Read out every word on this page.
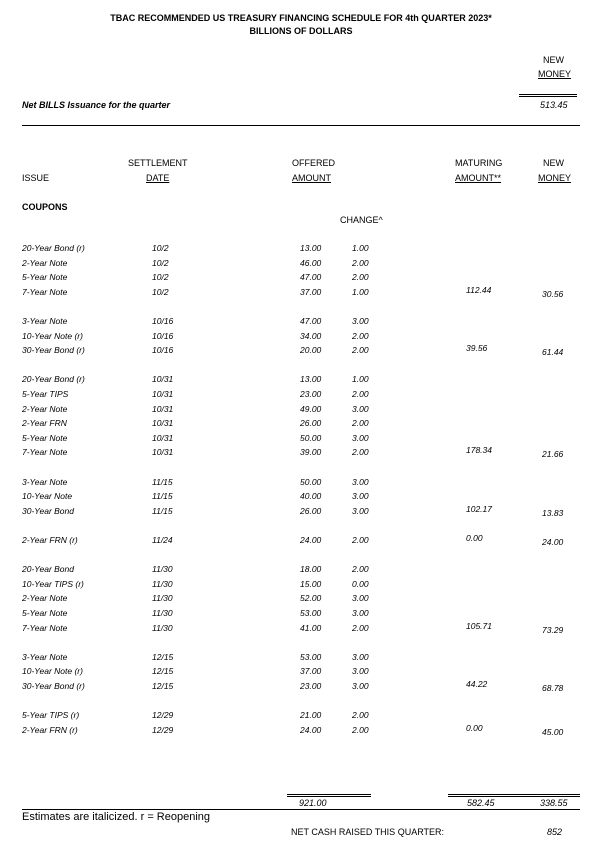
TBAC RECOMMENDED US TREASURY FINANCING SCHEDULE FOR 4th QUARTER 2023*
BILLIONS OF DOLLARS
NEW
MONEY
Net BILLS Issuance for the quarter	513.45
SETTLEMENT
DATE
ISSUE
OFFERED
AMOUNT
MATURING
AMOUNT**
NEW
MONEY
COUPONS
CHANGE^
20-Year Bond (r)	10/2	13.00	1.00
2-Year Note	10/2	46.00	2.00
5-Year Note	10/2	47.00	2.00
7-Year Note	10/2	37.00	1.00	112.44	30.56
3-Year Note	10/16	47.00	3.00
10-Year Note (r)	10/16	34.00	2.00
30-Year Bond (r)	10/16	20.00	2.00	39.56	61.44
20-Year Bond (r)	10/31	13.00	1.00
5-Year TIPS	10/31	23.00	2.00
2-Year Note	10/31	49.00	3.00
2-Year FRN	10/31	26.00	2.00
5-Year Note	10/31	50.00	3.00
7-Year Note	10/31	39.00	2.00	178.34	21.66
3-Year Note	11/15	50.00	3.00
10-Year Note	11/15	40.00	3.00
30-Year Bond	11/15	26.00	3.00	102.17	13.83
2-Year FRN (r)	11/24	24.00	2.00	0.00	24.00
20-Year Bond	11/30	18.00	2.00
10-Year TIPS (r)	11/30	15.00	0.00
2-Year Note	11/30	52.00	3.00
5-Year Note	11/30	53.00	3.00
7-Year Note	11/30	41.00	2.00	105.71	73.29
3-Year Note	12/15	53.00	3.00
10-Year Note (r)	12/15	37.00	3.00
30-Year Bond (r)	12/15	23.00	3.00	44.22	68.78
5-Year TIPS (r)	12/29	21.00	2.00
2-Year FRN (r)	12/29	24.00	2.00	0.00	45.00
921.00	582.45	338.55
Estimates are italicized. r = Reopening
NET CASH RAISED THIS QUARTER:	852
